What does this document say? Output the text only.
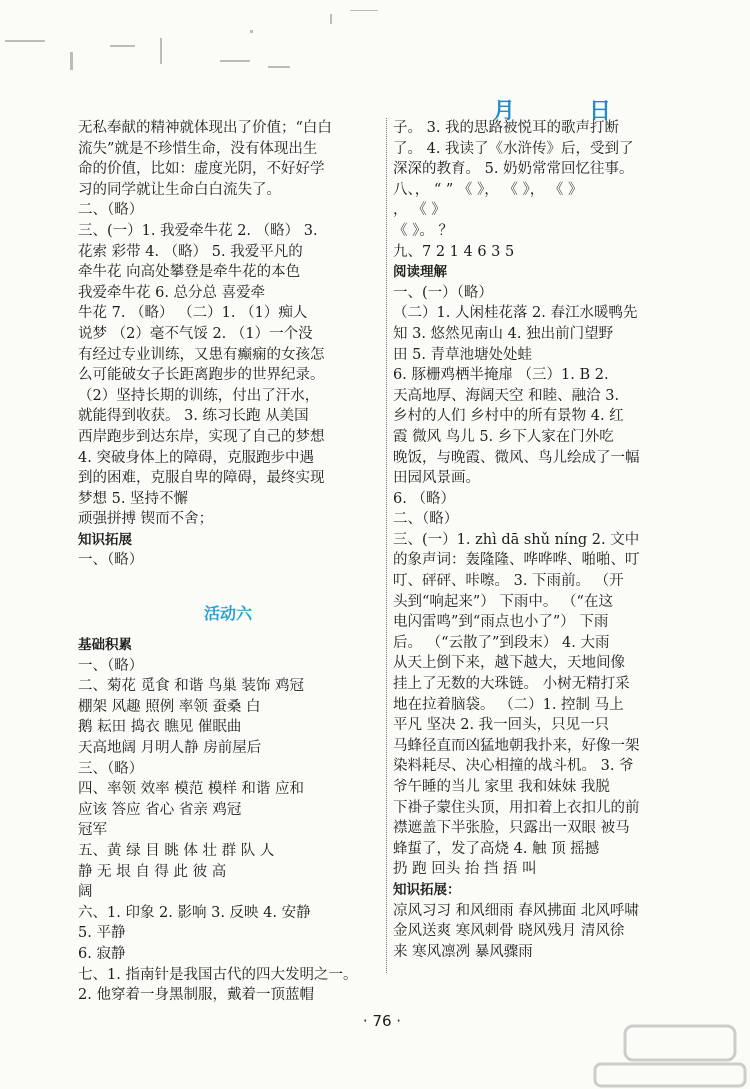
月	日
无私奉献的精神就体现出了价值；“白白
流失”就是不珍惜生命，没有体现出生
命的价值，比如：虚度光阴，不好好学
习的同学就让生命白白流失了。
二、（略）
三、(一）1. 我爱牵牛花 2. （略） 3.
花索 彩带 4. （略） 5. 我爱平凡的
牵牛花 向高处攀登是牵牛花的本色
我爱牵牛花 6. 总分总 喜爱牵
牛花 7. （略） （二）1. （1）痴人
说梦 （2）毫不气馁 2. （1）一个没
有经过专业训练，又患有癫痫的女孩怎
么可能破女子长距离跑步的世界纪录。
（2）坚持长期的训练，付出了汗水，
就能得到收获。 3. 练习长跑 从美国
西岸跑步到达东岸，实现了自己的梦想
4. 突破身体上的障碍，克服跑步中遇
到的困难，克服自卑的障碍，最终实现
梦想 5. 坚持不懈
顽强拼搏 锲而不舍；
知识拓展
一、（略）
活动六
基础积累
一、（略）
二、菊花 觅食 和谐 鸟巢 装饰 鸡冠
棚架 风趣 照例 率领 蚕桑 白
鹅 耘田 捣衣 瞧见 催眠曲
天高地阔 月明人静 房前屋后
三、（略）
四、率领 效率 模范 模样 和谐 应和
应该 答应 省心 省亲 鸡冠
冠军
五、黄 绿 目 眺 体 壮 群 队 人
静 无 垠 自 得 此 彼 高
阔
六、1. 印象 2. 影响 3. 反映 4. 安静
5. 平静
6. 寂静
七、1. 指南针是我国古代的四大发明之一。
2. 他穿着一身黑制服，戴着一顶蓝帽
子。 3. 我的思路被悦耳的歌声打断
了。 4. 我读了《水浒传》后，受到了
深深的教育。 5. 奶奶常常回忆往事。
八、， “ ” 《 》， 《 》， 《 》
， 《 》
《 》。 ？
九、7 2 1 4 6 3 5
阅读理解
一、(一）（略）
（二）1. 人闲桂花落 2. 春江水暖鸭先
知 3. 悠然见南山 4. 独出前门望野
田 5. 青草池塘处处蛙
6. 豚栅鸡栖半掩扉 （三）1. B 2.
天高地厚、海阔天空 和睦、融洽 3.
乡村的人们 乡村中的所有景物 4. 红
霞 微风 鸟儿 5. 乡下人家在门外吃
晚饭，与晚霞、微风、鸟儿绘成了一幅
田园风景画。
6. （略）
二、（略）
三、(一）1. zhì dā shǔ níng 2. 文中
的象声词：轰隆隆、哗哗哗、啪啪、叮
叮、砰砰、咔嚓。 3. 下雨前。 （开
头到“响起来”） 下雨中。 （“在这
电闪雷鸣”到“雨点也小了”） 下雨
后。 （“云散了”到段末） 4. 大雨
从天上倒下来，越下越大，天地间像
挂上了无数的大珠链。 小树无精打采
地在拉着脑袋。 （二）1. 控制 马上
平凡 坚决 2. 我一回头，只见一只
马蜂径直而凶猛地朝我扑来，好像一架
染料耗尽、决心相撞的战斗机。 3. 爷
爷午睡的当儿 家里 我和妹妹 我脱
下褂子蒙住头顶，用扣着上衣扣儿的前
襟遮盖下半张脸，只露出一双眼 被马
蜂蜇了，发了高烧 4. 触 顶 摇撼
扔 跑 回头 抬 挡 捂 叫
知识拓展：
凉风习习 和风细雨 春风拂面 北风呼啸
金风送爽 寒风刺骨 晓风残月 清风徐
来 寒风凛冽 暴风骤雨
· 76 ·
